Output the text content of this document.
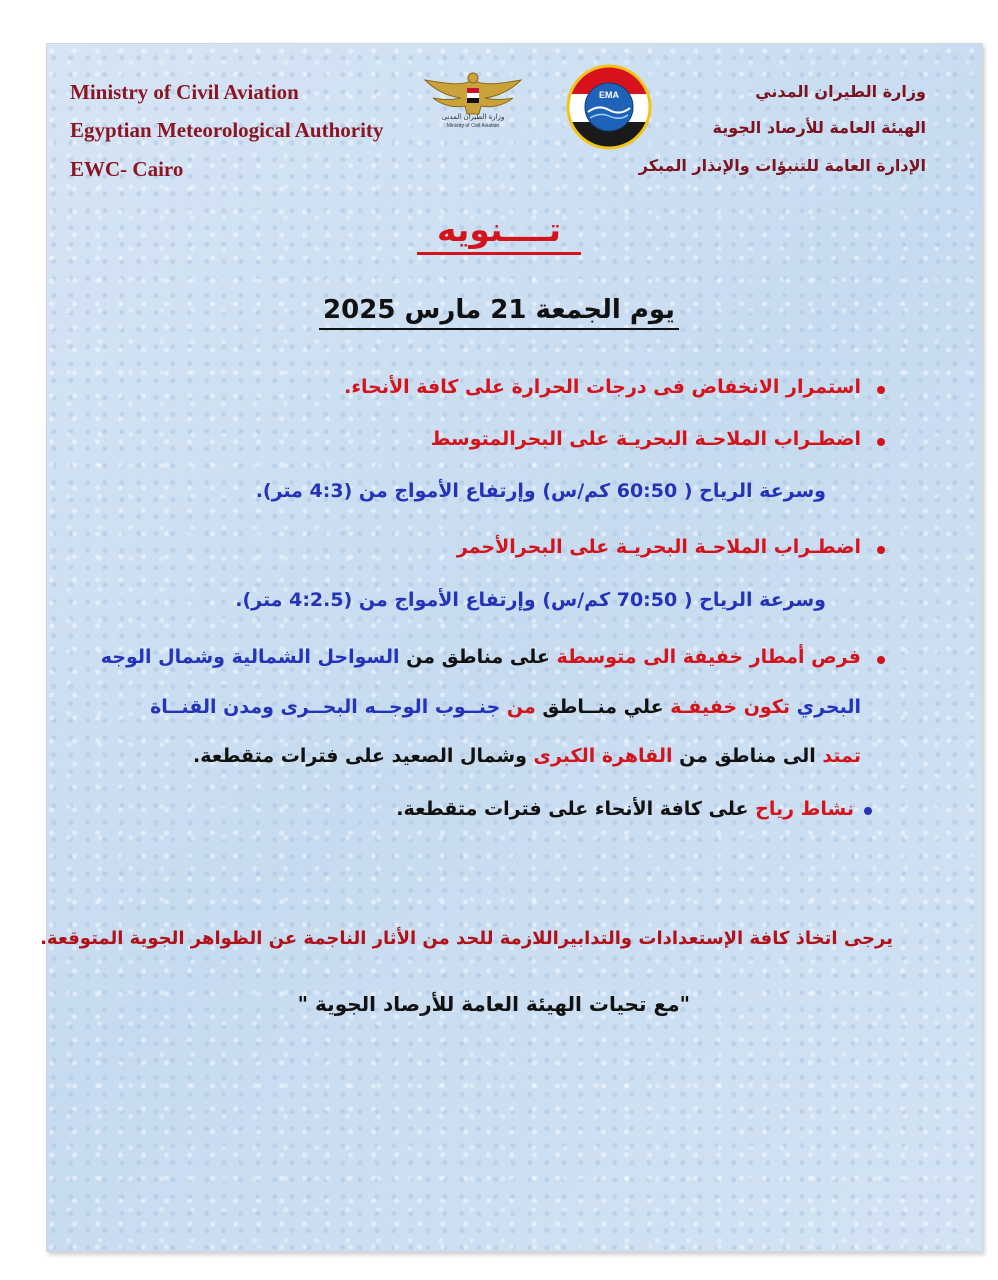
Ministry of Civil Aviation
Egyptian Meteorological Authority
EWC- Cairo
وزارة الطيران المدني
الهيئة العامة للأرصاد الجوية
الإدارة العامة للتنبؤات والإنذار المبكر
وزارة الطيران المدنى
Ministry of Civil Aviation
EMA
تــــنويه
يوم الجمعة 21 مارس 2025
استمرار الانخفاض فى درجات الحرارة على كافة الأنحاء.
اضطـراب الملاحـة البحريـة على البحرالمتوسط
وسرعة الرياح ( 60:50 كم/س) وإرتفاع الأمواج من (4:3 متر).
اضطـراب الملاحـة البحريـة على البحرالأحمر
وسرعة الرياح ( 70:50 كم/س) وإرتفاع الأمواج من (4:2.5 متر).
فرص أمطار خفيفة الى متوسطة على مناطق من السواحل الشمالية وشمال الوجه
البحري تكون خفيفـة علي منــاطق من جنــوب الوجــه البحــرى ومدن القنــاة
تمتد الى مناطق من القاهرة الكبرى وشمال الصعيد على فترات متقطعة.
نشاط رياح على كافة الأنحاء على فترات متقطعة.
يرجى اتخاذ كافة الإستعدادات والتدابيراللازمة للحد من الأثار الناجمة عن الظواهر الجوية المتوقعة.
"مع تحيات الهيئة العامة للأرصاد الجوية "
